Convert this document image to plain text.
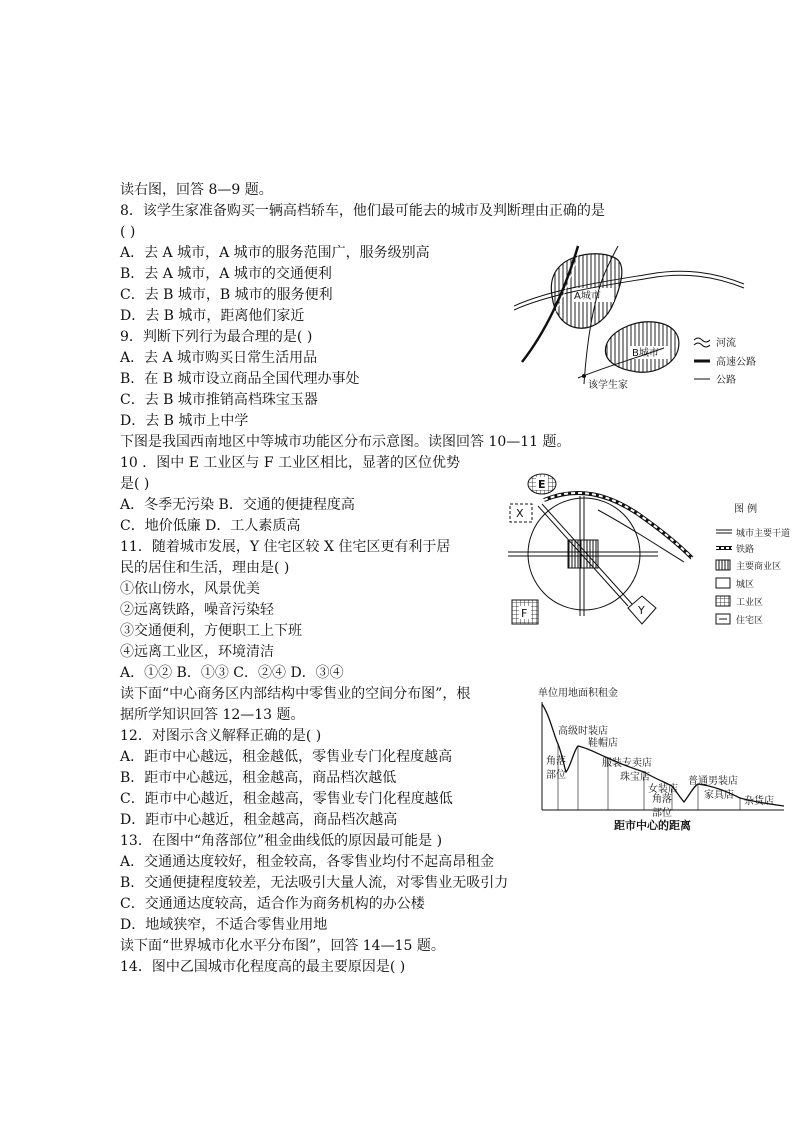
读右图，回答 8—9 题。
8．该学生家准备购买一辆高档轿车，他们最可能去的城市及判断理由正确的是
( )
A．去 A 城市，A 城市的服务范围广，服务级别高
B．去 A 城市，A 城市的交通便利
C．去 B 城市，B 城市的服务便利
D．去 B 城市，距离他们家近
9．判断下列行为最合理的是( )
A．去 A 城市购买日常生活用品
B．在 B 城市设立商品全国代理办事处
C．去 B 城市推销高档珠宝玉器
D．去 B 城市上中学
下图是我国西南地区中等城市功能区分布示意图。读图回答 10—11 题。
10 ．图中 E 工业区与 F 工业区相比，显著的区位优势
是( )
A．冬季无污染 B．交通的便捷程度高
C．地价低廉 D．工人素质高
11．随着城市发展，Y 住宅区较 X 住宅区更有利于居
民的居住和生活，理由是( )
①依山傍水，风景优美
②远离铁路，噪音污染轻
③交通便利，方便职工上下班
④远离工业区，环境清洁
A．①② B．①③ C．②④ D．③④
读下面“中心商务区内部结构中零售业的空间分布图”，根
据所学知识回答 12—13 题。
12．对图示含义解释正确的是( )
A．距市中心越远，租金越低，零售业专门化程度越高
B．距市中心越远，租金越高，商品档次越低
C．距市中心越近，租金越高，零售业专门化程度越低
D．距市中心越近，租金越高，商品档次越高
13．在图中“角落部位”租金曲线低的原因最可能是 )
A．交通通达度较好，租金较高，各零售业均付不起高昂租金
B．交通便捷程度较差，无法吸引大量人流，对零售业无吸引力
C．交通通达度较高，适合作为商务机构的办公楼
D．地域狭窄，不适合零售业用地
读下面“世界城市化水平分布图”，回答 14—15 题。
14．图中乙国城市化程度高的最主要原因是( )
A城市
B城市
该学生家
河流
高速公路
公路
E
X
F	Y
图 例
城市主要干道
铁路
主要商业区
城区
工业区
住宅区
单位用地面积租金
高级时装店
鞋帽店
服装专卖店
珠宝店
女装店
角落
部位
角落
部位
普通男装店
家具店
杂货店
距市中心的距离
